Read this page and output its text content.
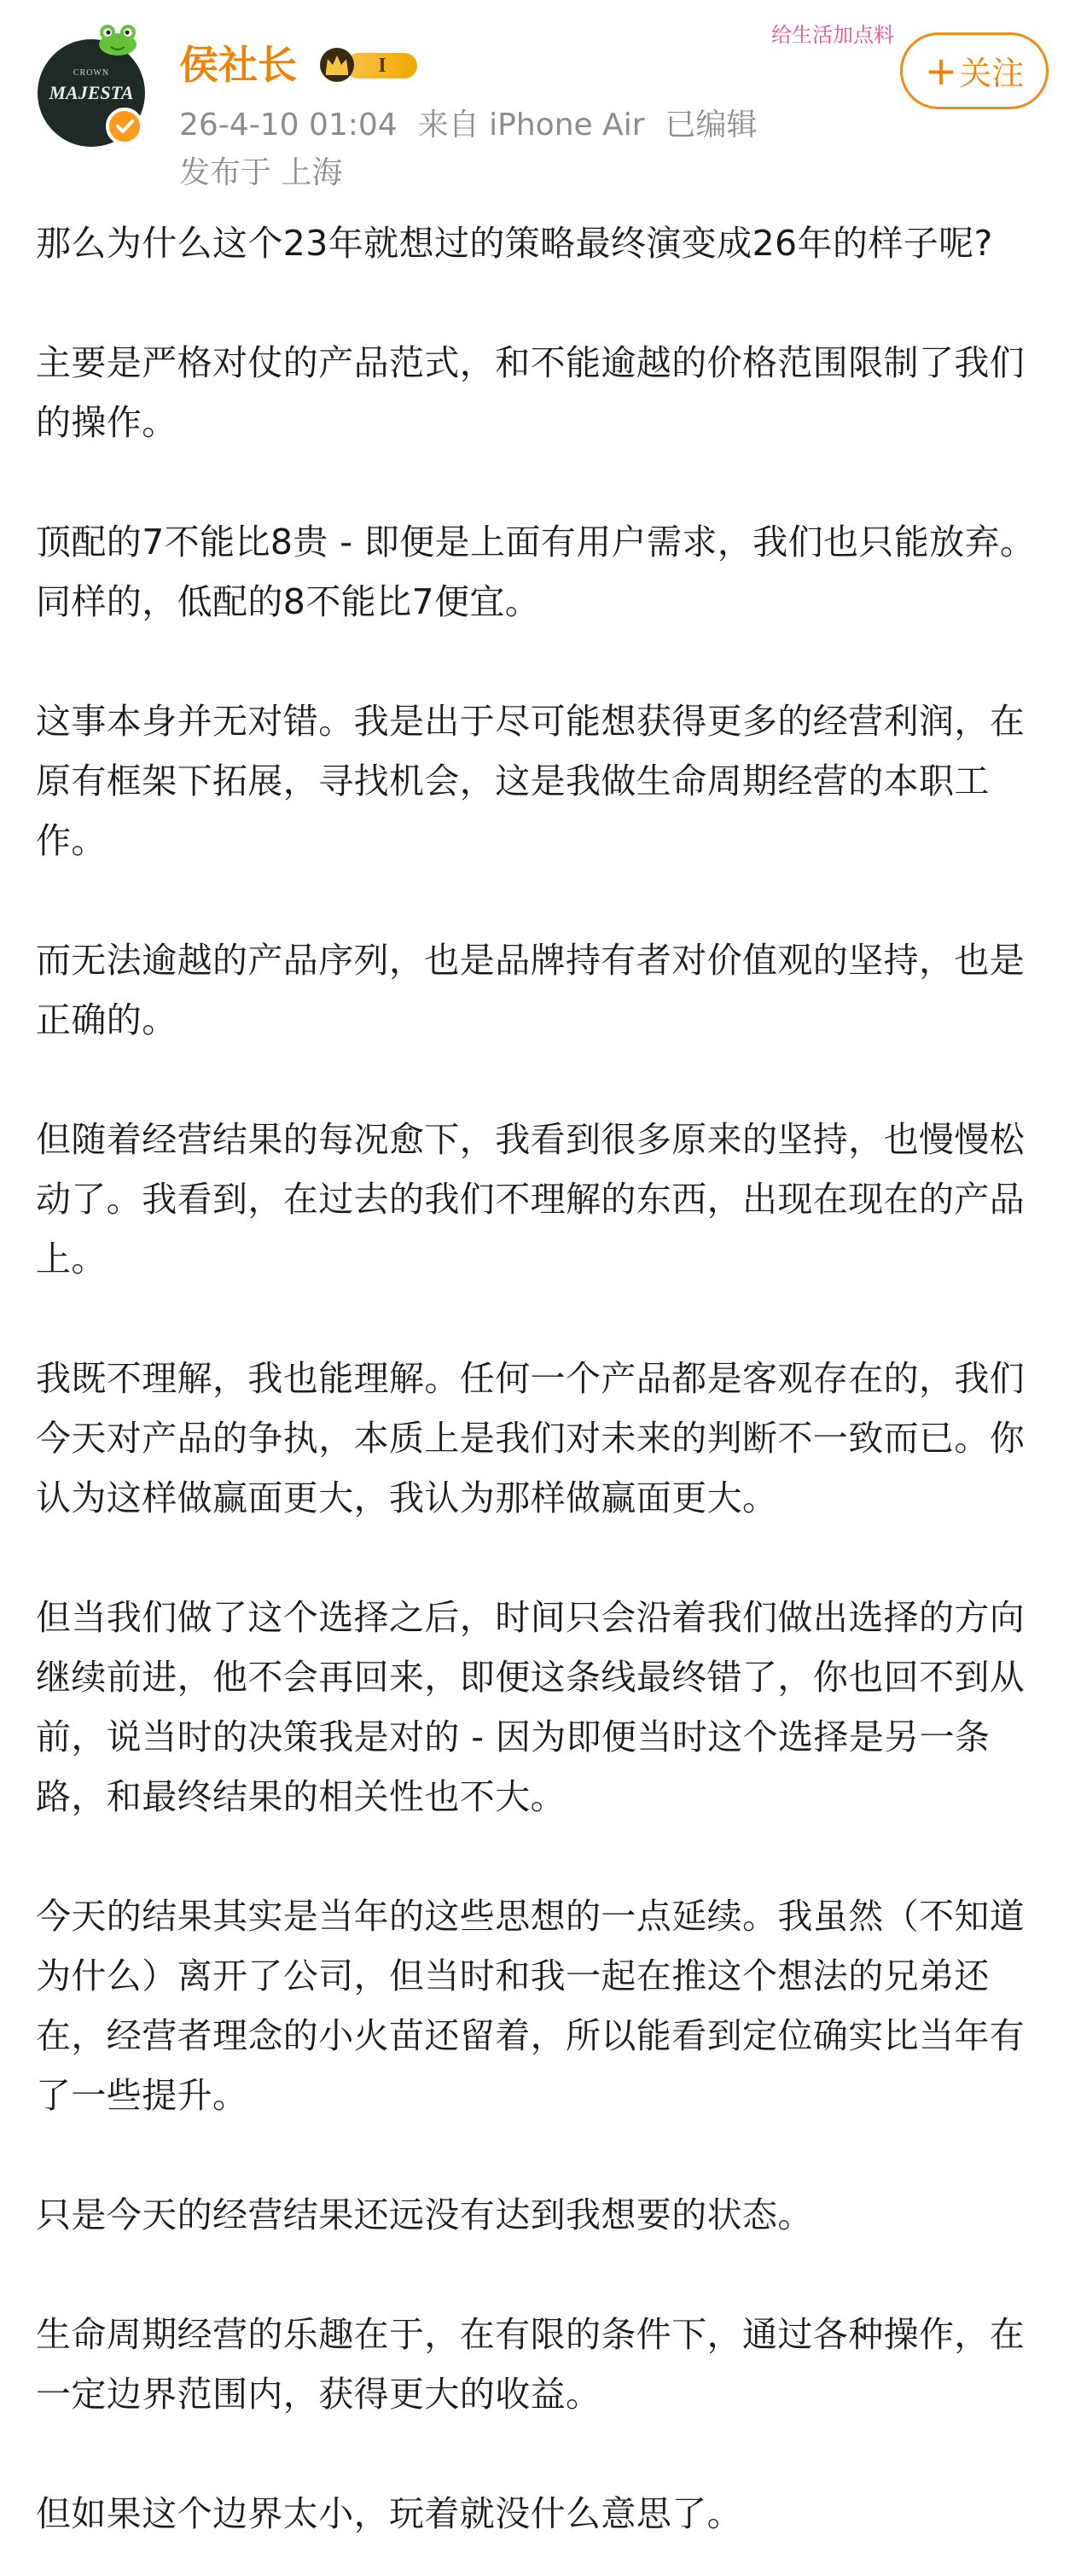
CROWN
MAJESTA
侯社长	I
26-4-10 01:04 来自 iPhone Air 已编辑
发布于 上海
给生活加点料
+关注

那么为什么这个23年就想过的策略最终演变成26年的样子呢?

主要是严格对仗的产品范式，和不能逾越的价格范围限制了我们的操作。

顶配的7不能比8贵 - 即便是上面有用户需求，我们也只能放弃。同样的，低配的8不能比7便宜。

这事本身并无对错。我是出于尽可能想获得更多的经营利润，在原有框架下拓展，寻找机会，这是我做生命周期经营的本职工作。

而无法逾越的产品序列，也是品牌持有者对价值观的坚持，也是正确的。

但随着经营结果的每况愈下，我看到很多原来的坚持，也慢慢松动了。我看到，在过去的我们不理解的东西，出现在现在的产品上。

我既不理解，我也能理解。任何一个产品都是客观存在的，我们今天对产品的争执，本质上是我们对未来的判断不一致而已。你认为这样做赢面更大，我认为那样做赢面更大。

但当我们做了这个选择之后，时间只会沿着我们做出选择的方向继续前进，他不会再回来，即便这条线最终错了，你也回不到从前，说当时的决策我是对的 - 因为即便当时这个选择是另一条路，和最终结果的相关性也不大。

今天的结果其实是当年的这些思想的一点延续。我虽然（不知道为什么）离开了公司，但当时和我一起在推这个想法的兄弟还在，经营者理念的小火苗还留着，所以能看到定位确实比当年有了一些提升。

只是今天的经营结果还远没有达到我想要的状态。

生命周期经营的乐趣在于，在有限的条件下，通过各种操作，在一定边界范围内，获得更大的收益。

但如果这个边界太小，玩着就没什么意思了。
